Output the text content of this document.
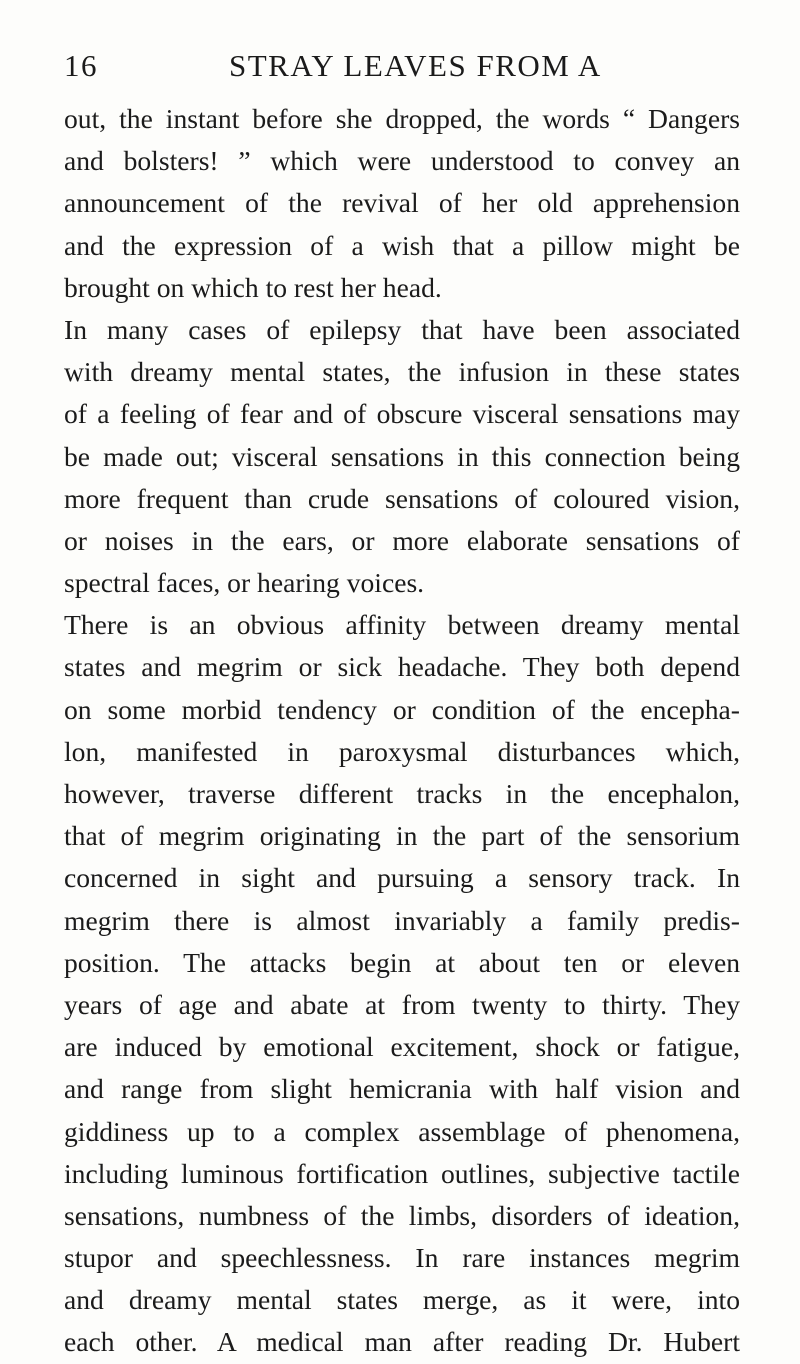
16	STRAY LEAVES FROM A
out, the instant before she dropped, the words “ Dangers
and bolsters! ” which were understood to convey an
announcement of the revival of her old apprehension
and the expression of a wish that a pillow might be
brought on which to rest her head.
In many cases of epilepsy that have been associated
with dreamy mental states, the infusion in these states
of a feeling of fear and of obscure visceral sensations may
be made out; visceral sensations in this connection being
more frequent than crude sensations of coloured vision,
or noises in the ears, or more elaborate sensations of
spectral faces, or hearing voices.
There is an obvious affinity between dreamy mental
states and megrim or sick headache. They both depend
on some morbid tendency or condition of the encepha-
lon, manifested in paroxysmal disturbances which,
however, traverse different tracks in the encephalon,
that of megrim originating in the part of the sensorium
concerned in sight and pursuing a sensory track. In
megrim there is almost invariably a family predis-
position. The attacks begin at about ten or eleven
years of age and abate at from twenty to thirty. They
are induced by emotional excitement, shock or fatigue,
and range from slight hemicrania with half vision and
giddiness up to a complex assemblage of phenomena,
including luminous fortification outlines, subjective tactile
sensations, numbness of the limbs, disorders of ideation,
stupor and speechlessness. In rare instances megrim
and dreamy mental states merge, as it were, into
each other. A medical man after reading Dr. Hubert
